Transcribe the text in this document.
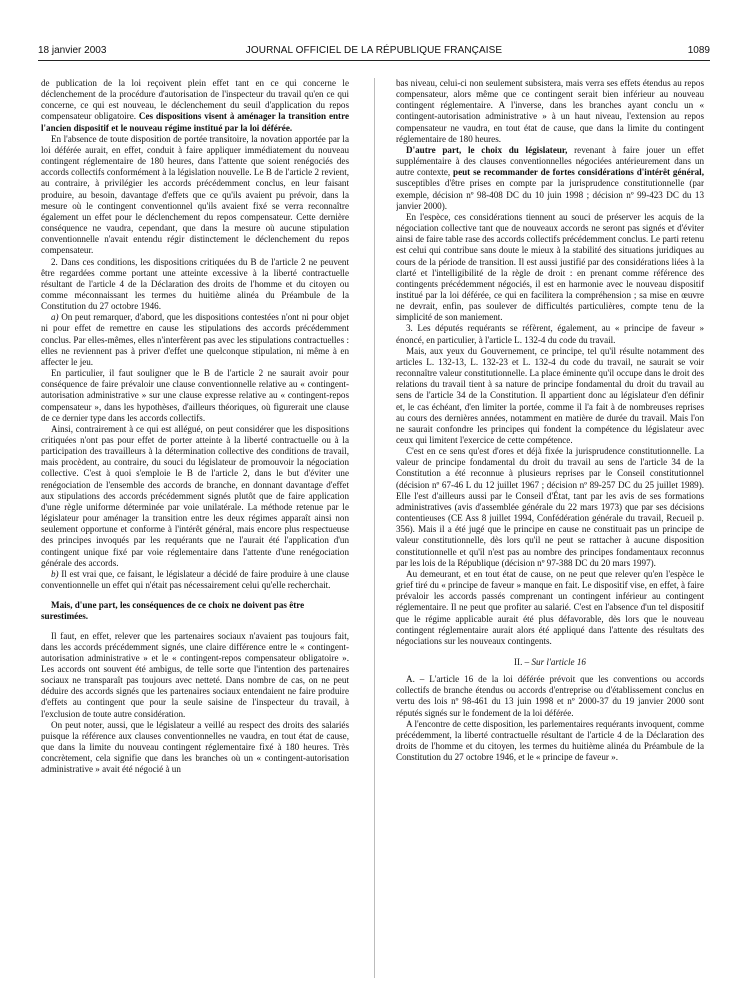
18 janvier 2003	JOURNAL OFFICIEL DE LA RÉPUBLIQUE FRANÇAISE	1089

de publication de la loi reçoivent plein effet tant en ce qui concerne le déclenchement de la procédure d'autorisation de l'inspecteur du travail qu'en ce qui concerne, ce qui est nouveau, le déclenchement du seuil d'application du repos compensateur obligatoire. Ces dispositions visent à aménager la transition entre l'ancien dispositif et le nouveau régime institué par la loi déférée.

En l'absence de toute disposition de portée transitoire, la novation apportée par la loi déférée aurait, en effet, conduit à faire appliquer immédiatement du nouveau contingent réglementaire de 180 heures, dans l'attente que soient renégociés des accords collectifs conformément à la législation nouvelle. Le B de l'article 2 revient, au contraire, à privilégier les accords précédemment conclus, en leur faisant produire, au besoin, davantage d'effets que ce qu'ils avaient pu prévoir, dans la mesure où le contingent conventionnel qu'ils avaient fixé se verra reconnaître également un effet pour le déclenchement du repos compensateur. Cette dernière conséquence ne vaudra, cependant, que dans la mesure où aucune stipulation conventionnelle n'avait entendu régir distinctement le déclenchement du repos compensateur.

2. Dans ces conditions, les dispositions critiquées du B de l'article 2 ne peuvent être regardées comme portant une atteinte excessive à la liberté contractuelle résultant de l'article 4 de la Déclaration des droits de l'homme et du citoyen ou comme méconnaissant les termes du huitième alinéa du Préambule de la Constitution du 27 octobre 1946.

a) On peut remarquer, d'abord, que les dispositions contestées n'ont ni pour objet ni pour effet de remettre en cause les stipulations des accords précédemment conclus. Par elles-mêmes, elles n'interfèrent pas avec les stipulations contractuelles : elles ne reviennent pas à priver d'effet une quelconque stipulation, ni même à en affecter le jeu.

En particulier, il faut souligner que le B de l'article 2 ne saurait avoir pour conséquence de faire prévaloir une clause conventionnelle relative au « contingent-autorisation administrative » sur une clause expresse relative au « contingent-repos compensateur », dans les hypothèses, d'ailleurs théoriques, où figurerait une clause de ce dernier type dans les accords collectifs.

Ainsi, contrairement à ce qui est allégué, on peut considérer que les dispositions critiquées n'ont pas pour effet de porter atteinte à la liberté contractuelle ou à la participation des travailleurs à la détermination collective des conditions de travail, mais procèdent, au contraire, du souci du législateur de promouvoir la négociation collective. C'est à quoi s'emploie le B de l'article 2, dans le but d'éviter une renégociation de l'ensemble des accords de branche, en donnant davantage d'effet aux stipulations des accords précédemment signés plutôt que de faire application d'une règle uniforme déterminée par voie unilatérale. La méthode retenue par le législateur pour aménager la transition entre les deux régimes apparaît ainsi non seulement opportune et conforme à l'intérêt général, mais encore plus respectueuse des principes invoqués par les requérants que ne l'aurait été l'application d'un contingent unique fixé par voie réglementaire dans l'attente d'une renégociation générale des accords.

b) Il est vrai que, ce faisant, le législateur a décidé de faire produire à une clause conventionnelle un effet qui n'était pas nécessairement celui qu'elle recherchait.

Mais, d'une part, les conséquences de ce choix ne doivent pas être surestimées.

Il faut, en effet, relever que les partenaires sociaux n'avaient pas toujours fait, dans les accords précédemment signés, une claire différence entre le « contingent-autorisation administrative » et le « contingent-repos compensateur obligatoire ». Les accords ont souvent été ambigus, de telle sorte que l'intention des partenaires sociaux ne transparaît pas toujours avec netteté. Dans nombre de cas, on ne peut déduire des accords signés que les partenaires sociaux entendaient ne faire produire d'effets au contingent que pour la seule saisine de l'inspecteur du travail, à l'exclusion de toute autre considération.

On peut noter, aussi, que le législateur a veillé au respect des droits des salariés puisque la référence aux clauses conventionnelles ne vaudra, en tout état de cause, que dans la limite du nouveau contingent réglementaire fixé à 180 heures. Très concrètement, cela signifie que dans les branches où un « contingent-autorisation administrative » avait été négocié à un

bas niveau, celui-ci non seulement subsistera, mais verra ses effets étendus au repos compensateur, alors même que ce contingent serait bien inférieur au nouveau contingent réglementaire. A l'inverse, dans les branches ayant conclu un « contingent-autorisation administrative » à un haut niveau, l'extension au repos compensateur ne vaudra, en tout état de cause, que dans la limite du contingent réglementaire de 180 heures.

D'autre part, le choix du législateur, revenant à faire jouer un effet supplémentaire à des clauses conventionnelles négociées antérieurement dans un autre contexte, peut se recommander de fortes considérations d'intérêt général, susceptibles d'être prises en compte par la jurisprudence constitutionnelle (par exemple, décision nº 98-408 DC du 10 juin 1998 ; décision nº 99-423 DC du 13 janvier 2000).

En l'espèce, ces considérations tiennent au souci de préserver les acquis de la négociation collective tant que de nouveaux accords ne seront pas signés et d'éviter ainsi de faire table rase des accords collectifs précédemment conclus. Le parti retenu est celui qui contribue sans doute le mieux à la stabilité des situations juridiques au cours de la période de transition. Il est aussi justifié par des considérations liées à la clarté et l'intelligibilité de la règle de droit : en prenant comme référence des contingents précédemment négociés, il est en harmonie avec le nouveau dispositif institué par la loi déférée, ce qui en facilitera la compréhension ; sa mise en œuvre ne devrait, enfin, pas soulever de difficultés particulières, compte tenu de la simplicité de son maniement.

3. Les députés requérants se réfèrent, également, au « principe de faveur » énoncé, en particulier, à l'article L. 132-4 du code du travail.

Mais, aux yeux du Gouvernement, ce principe, tel qu'il résulte notamment des articles L. 132-13, L. 132-23 et L. 132-4 du code du travail, ne saurait se voir reconnaître valeur constitutionnelle. La place éminente qu'il occupe dans le droit des relations du travail tient à sa nature de principe fondamental du droit du travail au sens de l'article 34 de la Constitution. Il appartient donc au législateur d'en définir et, le cas échéant, d'en limiter la portée, comme il l'a fait à de nombreuses reprises au cours des dernières années, notamment en matière de durée du travail. Mais l'on ne saurait confondre les principes qui fondent la compétence du législateur avec ceux qui limitent l'exercice de cette compétence.

C'est en ce sens qu'est d'ores et déjà fixée la jurisprudence constitutionnelle. La valeur de principe fondamental du droit du travail au sens de l'article 34 de la Constitution a été reconnue à plusieurs reprises par le Conseil constitutionnel (décision nº 67-46 L du 12 juillet 1967 ; décision nº 89-257 DC du 25 juillet 1989). Elle l'est d'ailleurs aussi par le Conseil d'État, tant par les avis de ses formations administratives (avis d'assemblée générale du 22 mars 1973) que par ses décisions contentieuses (CE Ass 8 juillet 1994, Confédération générale du travail, Recueil p. 356). Mais il a été jugé que le principe en cause ne constituait pas un principe de valeur constitutionnelle, dès lors qu'il ne peut se rattacher à aucune disposition constitutionnelle et qu'il n'est pas au nombre des principes fondamentaux reconnus par les lois de la République (décision nº 97-388 DC du 20 mars 1997).

Au demeurant, et en tout état de cause, on ne peut que relever qu'en l'espèce le grief tiré du « principe de faveur » manque en fait. Le dispositif vise, en effet, à faire prévaloir les accords passés comprenant un contingent inférieur au contingent réglementaire. Il ne peut que profiter au salarié. C'est en l'absence d'un tel dispositif que le régime applicable aurait été plus défavorable, dès lors que le nouveau contingent réglementaire aurait alors été appliqué dans l'attente des résultats des négociations sur les nouveaux contingents.

II. – Sur l'article 16

A. – L'article 16 de la loi déférée prévoit que les conventions ou accords collectifs de branche étendus ou accords d'entreprise ou d'établissement conclus en vertu des lois nº 98-461 du 13 juin 1998 et nº 2000-37 du 19 janvier 2000 sont réputés signés sur le fondement de la loi déférée.

A l'encontre de cette disposition, les parlementaires requérants invoquent, comme précédemment, la liberté contractuelle résultant de l'article 4 de la Déclaration des droits de l'homme et du citoyen, les termes du huitième alinéa du Préambule de la Constitution du 27 octobre 1946, et le « principe de faveur ».
